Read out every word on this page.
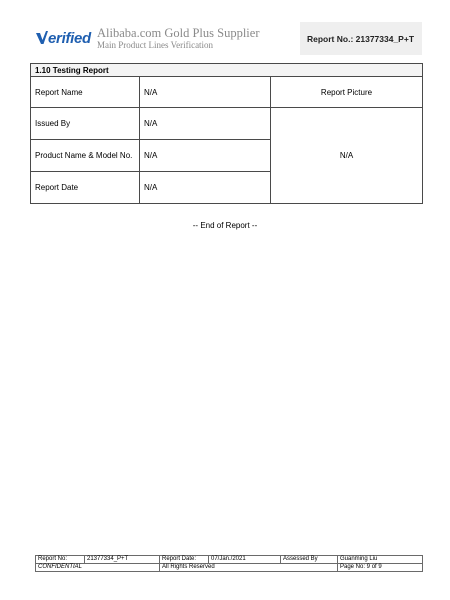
erified Alibaba.com Gold Plus Supplier
Main Product Lines Verification
Report No.: 21377334_P+T
1.10 Testing Report		
Report Name	N/A	Report Picture
Issued By	N/A	N/A
Product Name & Model No.	N/A	
Report Date	N/A	
-- End of Report --
Report No:	21377334_P+T	Report Date:	07/Jan./2021	Assessed By	Guanming Liu
CONFIDENTIAL		All Rights Reserved			Page No: 9 of 9
